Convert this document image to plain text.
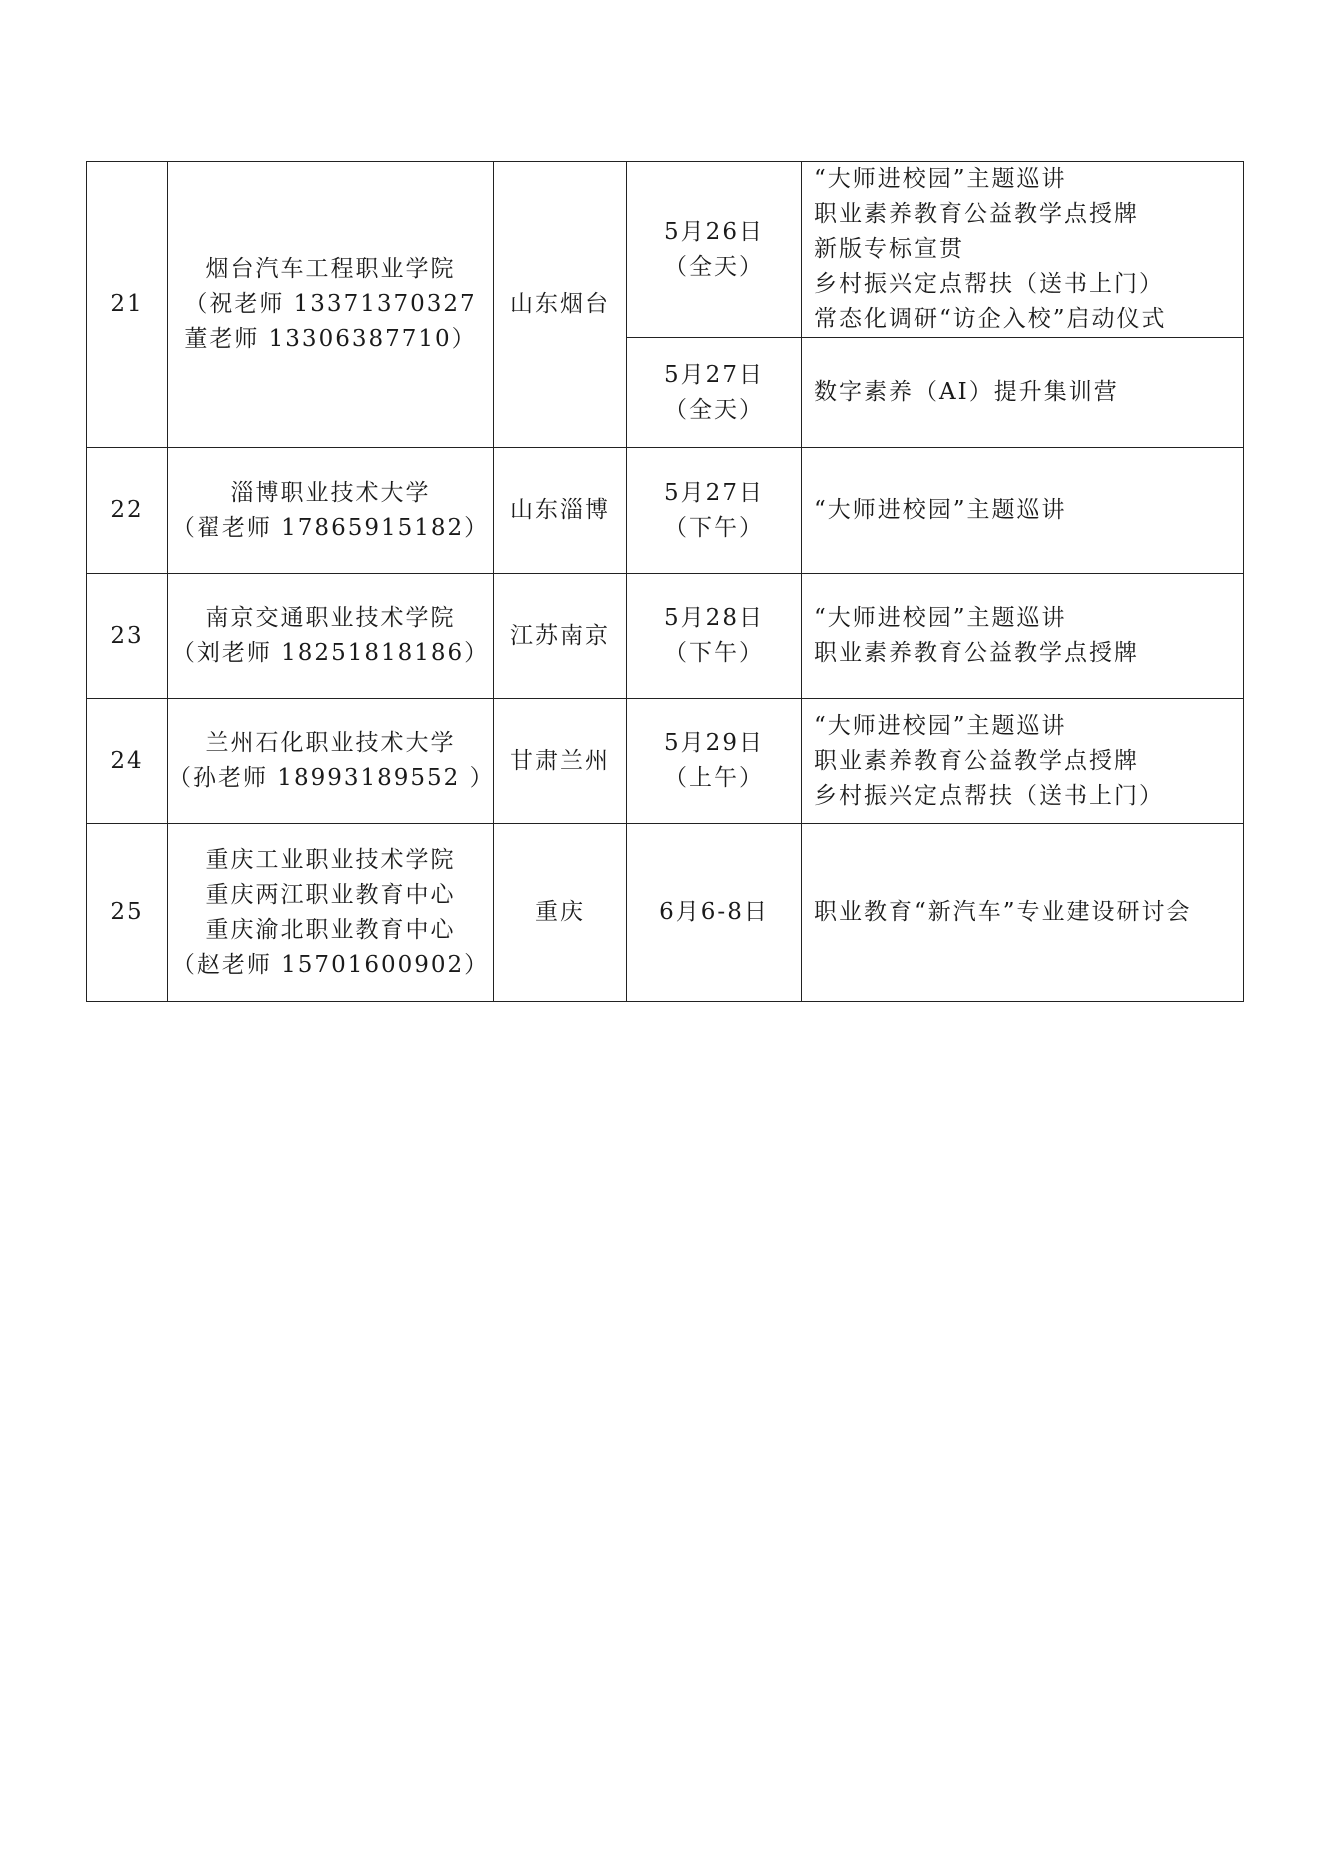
21	烟台汽车工程职业学院
（祝老师 13371370327
董老师 13306387710）	山东烟台	5月26日
（全天）	“大师进校园”主题巡讲
职业素养教育公益教学点授牌
新版专标宣贯
乡村振兴定点帮扶（送书上门）
常态化调研“访企入校”启动仪式

			5月27日
（全天）	数字素养（AI）提升集训营

22	淄博职业技术大学
（翟老师 17865915182）	山东淄博	5月27日
（下午）	“大师进校园”主题巡讲

23	南京交通职业技术学院
（刘老师 18251818186）	江苏南京	5月28日
（下午）	“大师进校园”主题巡讲
职业素养教育公益教学点授牌

24	兰州石化职业技术大学
（孙老师 18993189552 ）	甘肃兰州	5月29日
（上午）	“大师进校园”主题巡讲
职业素养教育公益教学点授牌
乡村振兴定点帮扶（送书上门）

25	重庆工业职业技术学院
重庆两江职业教育中心
重庆渝北职业教育中心
（赵老师 15701600902）	重庆	6月6-8日	职业教育“新汽车”专业建设研讨会
